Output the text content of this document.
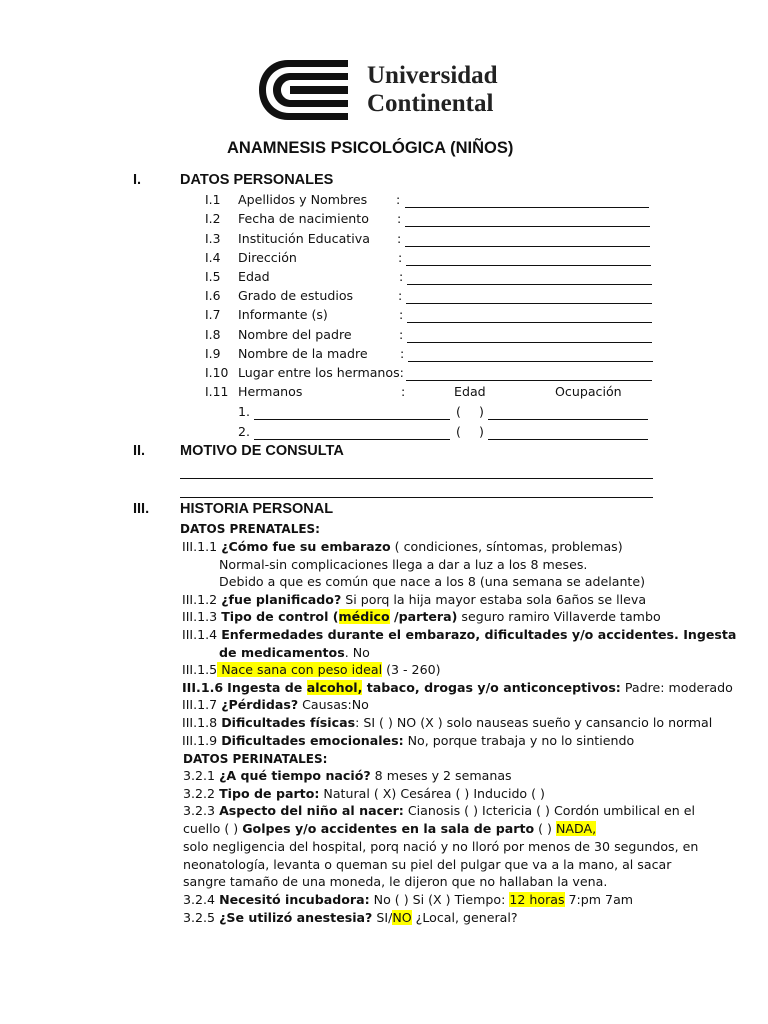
Universidad
Continental
ANAMNESIS PSICOLÓGICA (NIÑOS)
I.	DATOS PERSONALES
I.1 Apellidos y Nombres :
I.2 Fecha de nacimiento :
I.3 Institución Educativa :
I.4 Dirección	:
I.5 Edad	:
I.6 Grado de estudios	:
I.7 Informante (s)	:
I.8 Nombre del padre	:
I.9 Nombre de la madre	:
I.10 Lugar entre los hermanos:
I.11 Hermanos	:	Edad	Ocupación
1.	( )
2.	( )
II. MOTIVO DE CONSULTA
III. HISTORIA PERSONAL
DATOS PRENATALES:
III.1.1 ¿Cómo fue su embarazo ( condiciones, síntomas, problemas)
Normal-sin complicaciones llega a dar a luz a los 8 meses.
Debido a que es común que nace a los 8 (una semana se adelante)
III.1.2 ¿fue planificado? Si porq la hija mayor estaba sola 6años se lleva
III.1.3 Tipo de control (médico /partera) seguro ramiro Villaverde tambo
III.1.4 Enfermedades durante el embarazo, dificultades y/o accidentes. Ingesta
de medicamentos. No
III.1.5 Nace sana con peso ideal (3 - 260)
III.1.6 Ingesta de alcohol, tabaco, drogas y/o anticonceptivos: Padre: moderado
III.1.7 ¿Pérdidas? Causas:No
III.1.8 Dificultades físicas: SI ( ) NO (X ) solo nauseas sueño y cansancio lo normal
III.1.9 Dificultades emocionales: No, porque trabaja y no lo sintiendo
DATOS PERINATALES:
3.2.1 ¿A qué tiempo nació? 8 meses y 2 semanas
3.2.2 Tipo de parto: Natural ( X) Cesárea ( ) Inducido ( )
3.2.3 Aspecto del niño al nacer: Cianosis ( ) Ictericia ( ) Cordón umbilical en el
cuello ( ) Golpes y/o accidentes en la sala de parto ( ) NADA,
solo negligencia del hospital, porq nació y no lloró por menos de 30 segundos, en
neonatología, levanta o queman su piel del pulgar que va a la mano, al sacar
sangre tamaño de una moneda, le dijeron que no hallaban la vena.
3.2.4 Necesitó incubadora: No ( ) Si (X ) Tiempo: 12 horas 7:pm 7am
3.2.5 ¿Se utilizó anestesia? SI/NO ¿Local, general?
